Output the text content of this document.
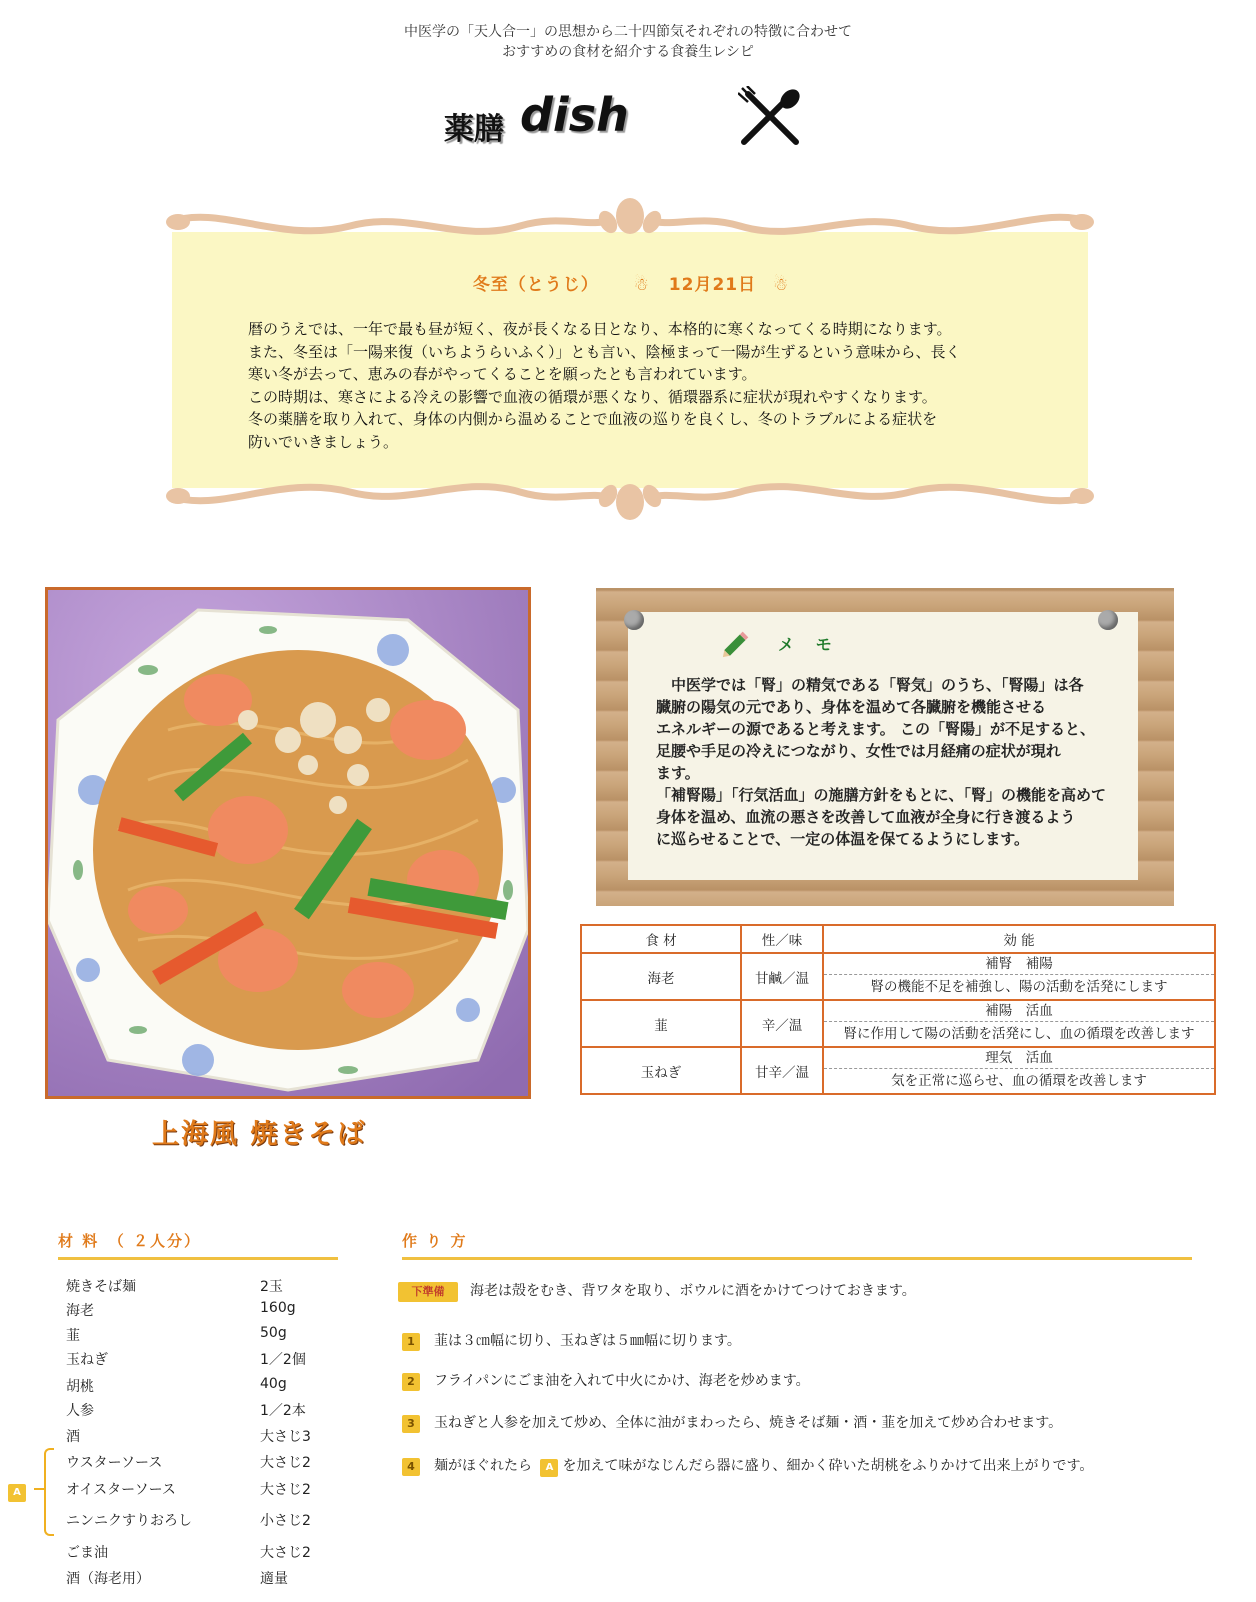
中医学の「天人合一」の思想から二十四節気それぞれの特徴に合わせて
おすすめの食材を紹介する食養生レシピ
薬膳 dish
冬至（とうじ） ☃ 12月21日 ☃
暦のうえでは、一年で最も昼が短く、夜が長くなる日となり、本格的に寒くなってくる時期になります。
また、冬至は「一陽来復（いちようらいふく）」とも言い、陰極まって一陽が生ずるという意味から、長く
寒い冬が去って、恵みの春がやってくることを願ったとも言われています。
この時期は、寒さによる冷えの影響で血液の循環が悪くなり、循環器系に症状が現れやすくなります。
冬の薬膳を取り入れて、身体の内側から温めることで血液の巡りを良くし、冬のトラブルによる症状を
防いでいきましょう。
上海風 焼きそば
メ モ
　中医学では「腎」の精気である「腎気」のうち、「腎陽」は各
臓腑の陽気の元であり、身体を温めて各臓腑を機能させる
エネルギーの源であると考えます。 この「腎陽」が不足すると、
足腰や手足の冷えにつながり、女性では月経痛の症状が現れ
ます。
「補腎陽」「行気活血」の施膳方針をもとに、「腎」の機能を高めて
身体を温め、血流の悪さを改善して血液が全身に行き渡るよう
に巡らせることで、一定の体温を保てるようにします。
食 材	性／味	効 能
海老	甘鹹／温	補腎　補陽
腎の機能不足を補強し、陽の活動を活発にします

韮	辛／温	補陽　活血
腎に作用して陽の活動を活発にし、血の循環を改善します

玉ねぎ	甘辛／温	理気　活血
気を正常に巡らせ、血の循環を改善します
材 料　（ ２人分）
焼きそば麺	2玉
海老	160g
韮	50g
玉ねぎ	1／2個
胡桃	40g
人参	1／2本
酒	大さじ3
ウスターソース	大さじ2
オイスターソース	大さじ2
ニンニクすりおろし	小さじ2
ごま油	大さじ2
酒（海老用）	適量
A
作 り 方
下準備 海老は殻をむき、背ワタを取り、ボウルに酒をかけてつけておきます。
1 韮は３㎝幅に切り、玉ねぎは５㎜幅に切ります。
2 フライパンにごま油を入れて中火にかけ、海老を炒めます。
3 玉ねぎと人参を加えて炒め、全体に油がまわったら、焼きそば麺・酒・韮を加えて炒め合わせます。
4 麺がほぐれたら A を加えて味がなじんだら器に盛り、細かく砕いた胡桃をふりかけて出来上がりです。
